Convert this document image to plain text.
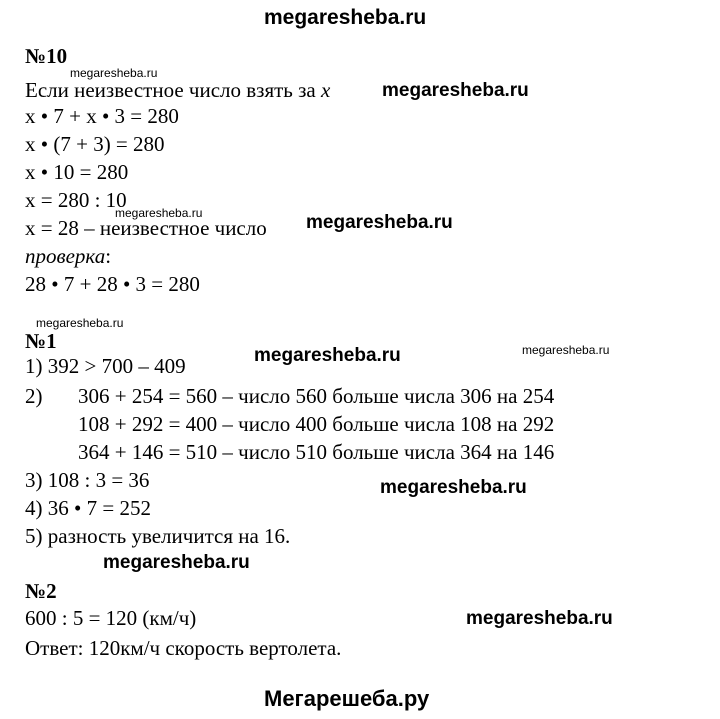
megaresheba.ru
№10
Если неизвестное число взять за x
x • 7 + x • 3 = 280
x • (7 + 3) = 280
x • 10 = 280
x = 280 : 10
x = 28 – неизвестное число
проверка:
28 • 7 + 28 • 3 = 280
№1
1) 392 > 700 – 409
2) 306 + 254 = 560 – число 560 больше числа 306 на 254
108 + 292 = 400 – число 400 больше числа 108 на 292
364 + 146 = 510 – число 510 больше числа 364 на 146
3) 108 : 3 = 36
4) 36 • 7 = 252
5) разность увеличится на 16.
№2
600 : 5 = 120 (км/ч)
Ответ: 120км/ч скорость вертолета.
megaresheba.ru
megaresheba.ru
megaresheba.ru
megaresheba.ru
megaresheba.ru
megaresheba.ru
megaresheba.ru
megaresheba.ru
megaresheba.ru
megaresheba.ru
Мегарешеба.ру
